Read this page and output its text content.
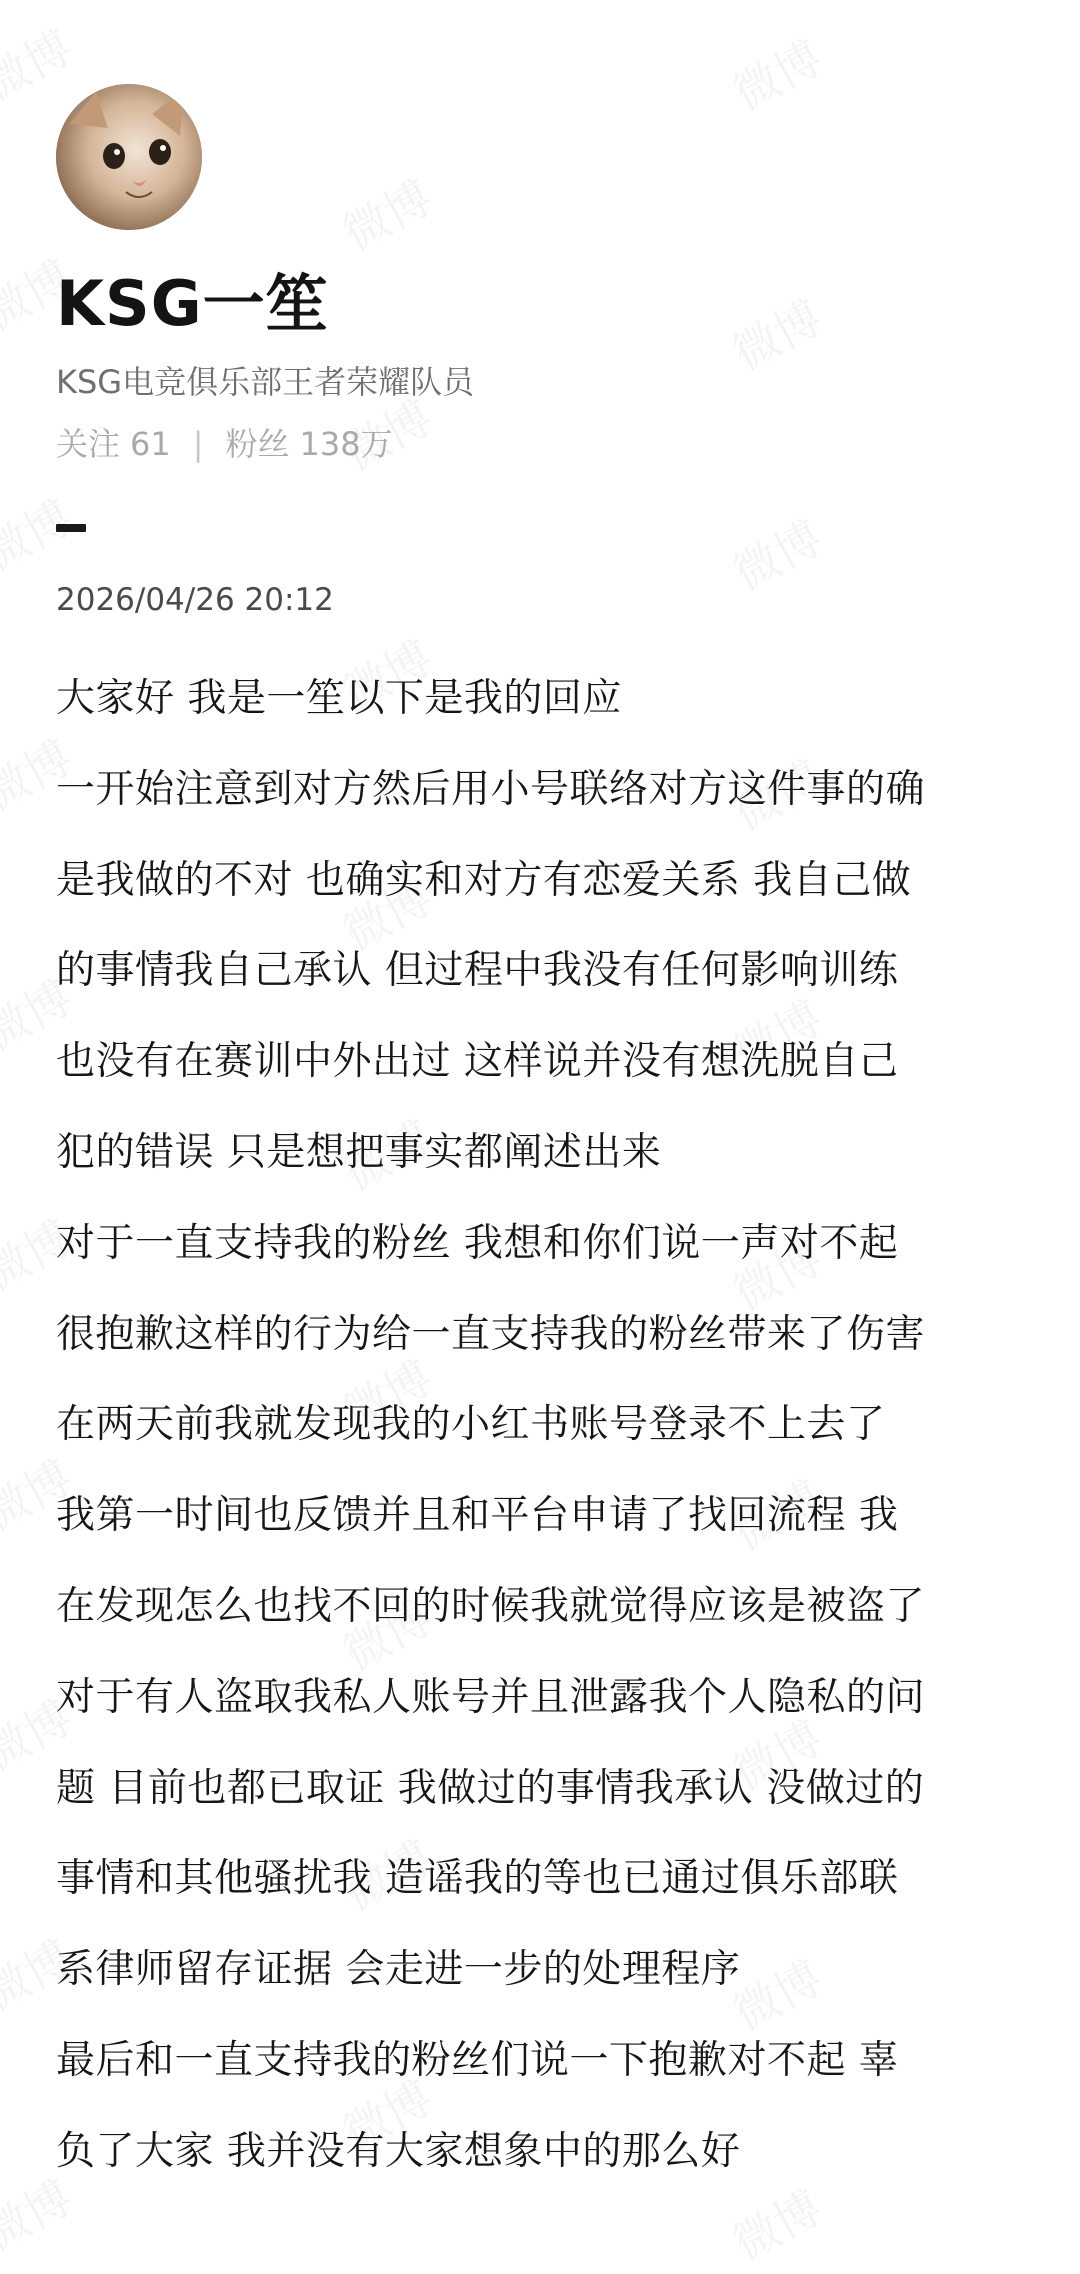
KSG一笙
KSG电竞俱乐部王者荣耀队员
关注 61 | 粉丝 138万
2026/04/26 20:12
大家好 我是一笙以下是我的回应
一开始注意到对方然后用小号联络对方这件事的确
是我做的不对 也确实和对方有恋爱关系 我自己做
的事情我自己承认 但过程中我没有任何影响训练
也没有在赛训中外出过 这样说并没有想洗脱自己
犯的错误 只是想把事实都阐述出来
对于一直支持我的粉丝 我想和你们说一声对不起
很抱歉这样的行为给一直支持我的粉丝带来了伤害
在两天前我就发现我的小红书账号登录不上去了
我第一时间也反馈并且和平台申请了找回流程 我
在发现怎么也找不回的时候我就觉得应该是被盗了
对于有人盗取我私人账号并且泄露我个人隐私的问
题 目前也都已取证 我做过的事情我承认 没做过的
事情和其他骚扰我 造谣我的等也已通过俱乐部联
系律师留存证据 会走进一步的处理程序
最后和一直支持我的粉丝们说一下抱歉对不起 辜
负了大家 我并没有大家想象中的那么好
